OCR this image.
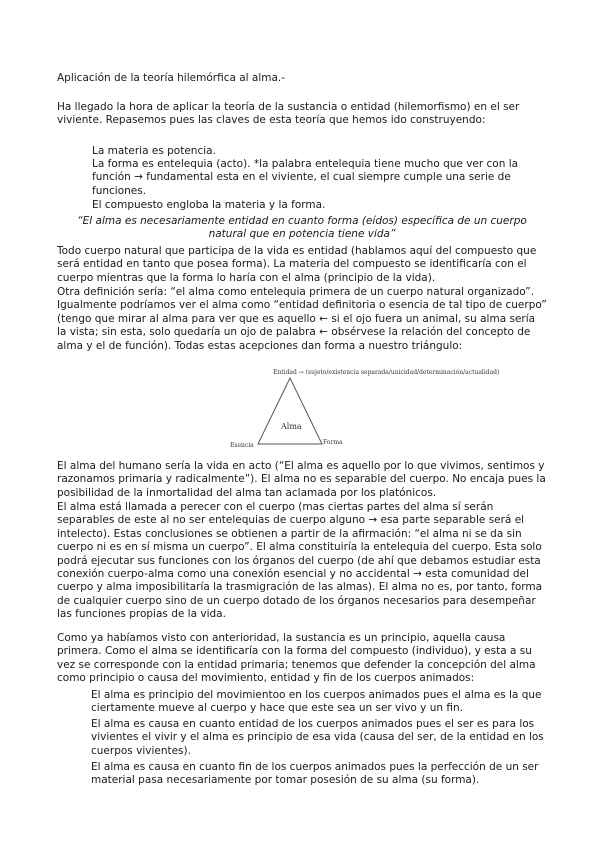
Aplicación de la teoría hilemórfica al alma.-

Ha llegado la hora de aplicar la teoría de la sustancia o entidad (hilemorfismo) en el ser viviente. Repasemos pues las claves de esta teoría que hemos ido construyendo:

La materia es potencia.

La forma es entelequia (acto). *la palabra entelequia tiene mucho que ver con la función → fundamental esta en el viviente, el cual siempre cumple una serie de funciones.

El compuesto engloba la materia y la forma.

“El alma es necesariamente entidad en cuanto forma (eídos) específica de un cuerpo natural que en potencia tiene vida”

Todo cuerpo natural que participa de la vida es entidad (hablamos aquí del compuesto que será entidad en tanto que posea forma). La materia del compuesto se identificaría con el cuerpo mientras que la forma lo haría con el alma (principio de la vida).

Otra definición sería: “el alma como entelequia primera de un cuerpo natural organizado”. Igualmente podríamos ver el alma como “entidad definitoria o esencia de tal tipo de cuerpo” (tengo que mirar al alma para ver que es aquello ← si el ojo fuera un animal, su alma sería la vista; sin esta, solo quedaría un ojo de palabra ← obsérvese la relación del concepto de alma y el de función). Todas estas acepciones dan forma a nuestro triángulo:

Entidad → (sujeto/existencia separada/unicidad/determinación/actualidad)
Alma
Esencia	Forma

El alma del humano sería la vida en acto (“El alma es aquello por lo que vivimos, sentimos y razonamos primaria y radicalmente”). El alma no es separable del cuerpo. No encaja pues la posibilidad de la inmortalidad del alma tan aclamada por los platónicos.

El alma está llamada a perecer con el cuerpo (mas ciertas partes del alma sí serán separables de este al no ser entelequias de cuerpo alguno → esa parte separable será el intelecto). Estas conclusiones se obtienen a partir de la afirmación: “el alma ni se da sin cuerpo ni es en sí misma un cuerpo”. El alma constituiría la entelequia del cuerpo. Esta solo podrá ejecutar sus funciones con los órganos del cuerpo (de ahí que debamos estudiar esta conexión cuerpo-alma como una conexión esencial y no accidental → esta comunidad del cuerpo y alma imposibilitaría la trasmigración de las almas). El alma no es, por tanto, forma de cualquier cuerpo sino de un cuerpo dotado de los órganos necesarios para desempeñar las funciones propias de la vida.

Como ya habíamos visto con anterioridad, la sustancia es un principio, aquella causa primera. Como el alma se identificaría con la forma del compuesto (individuo), y esta a su vez se corresponde con la entidad primaria; tenemos que defender la concepción del alma como principio o causa del movimiento, entidad y fin de los cuerpos animados:

El alma es principio del movimientoo en los cuerpos animados pues el alma es la que ciertamente mueve al cuerpo y hace que este sea un ser vivo y un fin.

El alma es causa en cuanto entidad de los cuerpos animados pues el ser es para los vivientes el vivir y el alma es principio de esa vida (causa del ser, de la entidad en los cuerpos vivientes).

El alma es causa en cuanto fin de los cuerpos animados pues la perfección de un ser material pasa necesariamente por tomar posesión de su alma (su forma).
